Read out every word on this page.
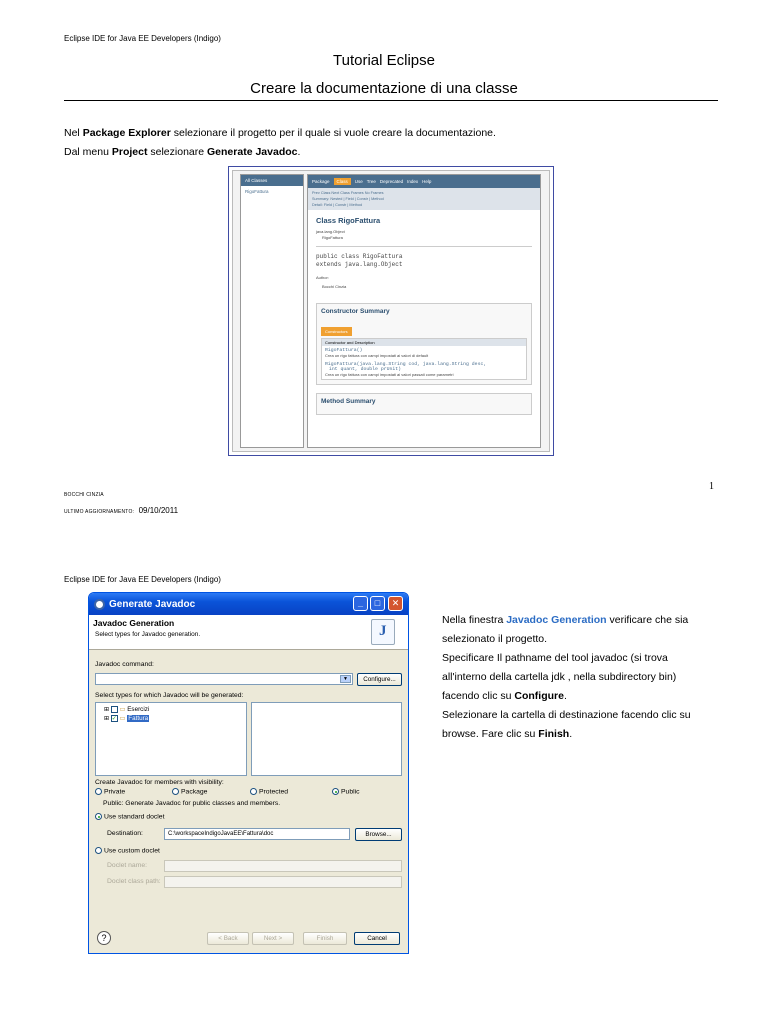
Eclipse IDE for Java EE Developers (Indigo)
Tutorial Eclipse
Creare la documentazione di una classe
Nel Package Explorer selezionare il progetto per il quale si vuole creare la documentazione.
Dal menu Project selezionare Generate Javadoc.
All Classes
RigoFattura
Package	Class	Use Tree Deprecated Index Help
Prev Class Next Class Frames No Frames
Summary: Nested | Field | Constr | Method
Detail: Field | Constr | Method
Class RigoFattura
java.lang.Object
RigoFattura
public class RigoFattura
extends java.lang.Object
Author:
Bocchi Cinzia
Constructor Summary
Constructors
Constructor and Description
RigoFattura()
Crea un rigo fattura con campi impostati ai valori di default
RigoFattura(java.lang.String cod, java.lang.String desc,
int quant, double prUnit)
Crea un rigo fattura con campi impostati ai valori passati come parametri
Method Summary
BOCCHI CINZIA
ULTIMO AGGIORNAMENTO: 09/10/2011
1
Eclipse IDE for Java EE Developers (Indigo)
Generate Javadoc	_	□	✕
Javadoc Generation
Select types for Javadoc generation.	J
Javadoc command:
▼	Configure...
Select types for which Javadoc will be generated:
⊞ ▭ Esercizi
⊞ ✓ ▭ Fattura
Create Javadoc for members with visibility:
Private	Package	Protected	Public
Public: Generate Javadoc for public classes and members.
Use standard doclet
Destination:	C:\workspaceIndigoJavaEE\Fattura\doc	Browse...
Use custom doclet
Doclet name:
Doclet class path:
?	< Back	Next >	Finish	Cancel
Nella finestra Javadoc Generation verificare che sia
selezionato il progetto.
Specificare Il pathname del tool javadoc (si trova
all'interno della cartella jdk , nella subdirectory bin)
facendo clic su Configure.
Selezionare la cartella di destinazione facendo clic su
browse. Fare clic su Finish.
